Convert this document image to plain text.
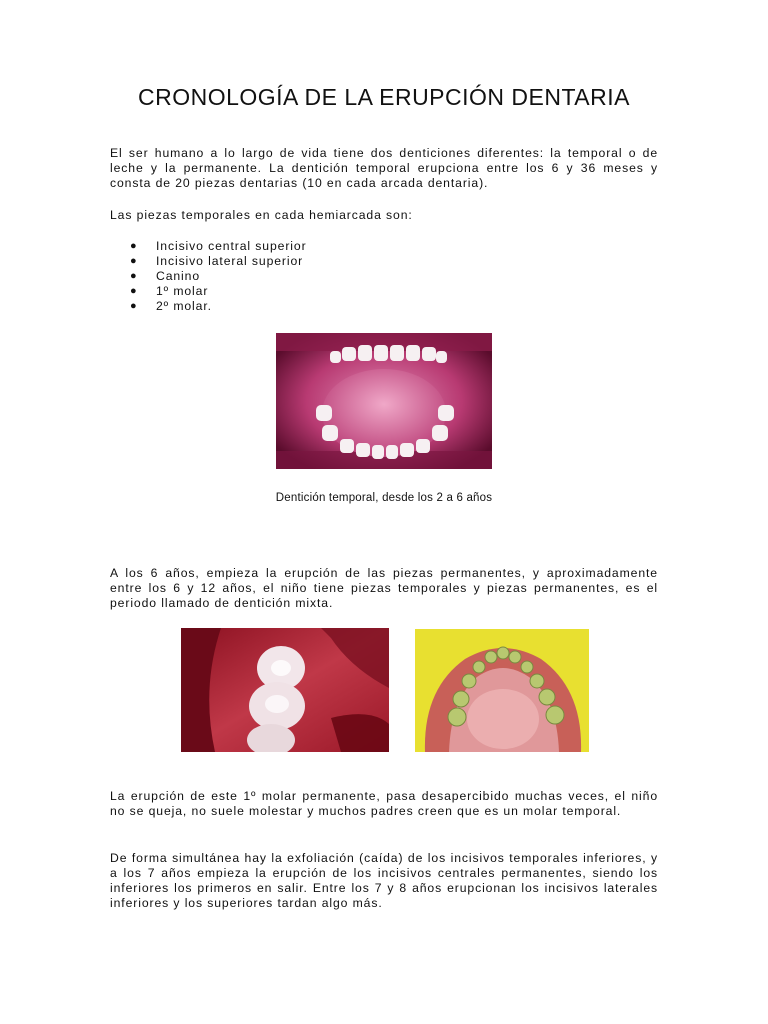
CRONOLOGÍA DE LA ERUPCIÓN DENTARIA

El ser humano a lo largo de vida tiene dos denticiones diferentes: la temporal o de leche y la permanente. La dentición temporal erupciona entre los 6 y 36 meses y consta de 20 piezas dentarias (10 en cada arcada dentaria).

Las piezas temporales en cada hemiarcada son:

● Incisivo central superior
● Incisivo lateral superior
● Canino
● 1º molar
● 2º molar.
Dentición temporal, desde los 2 a 6 años

A los 6 años, empieza la erupción de las piezas permanentes, y aproximadamente entre los 6 y 12 años, el niño tiene piezas temporales y piezas permanentes, es el periodo llamado de dentición mixta.

La erupción de este 1º molar permanente, pasa desapercibido muchas veces, el niño no se queja, no suele molestar y muchos padres creen que es un molar temporal.

De forma simultánea hay la exfoliación (caída) de los incisivos temporales inferiores, y a los 7 años empieza la erupción de los incisivos centrales permanentes, siendo los inferiores los primeros en salir. Entre los 7 y 8 años erupcionan los incisivos laterales inferiores y los superiores tardan algo más.
